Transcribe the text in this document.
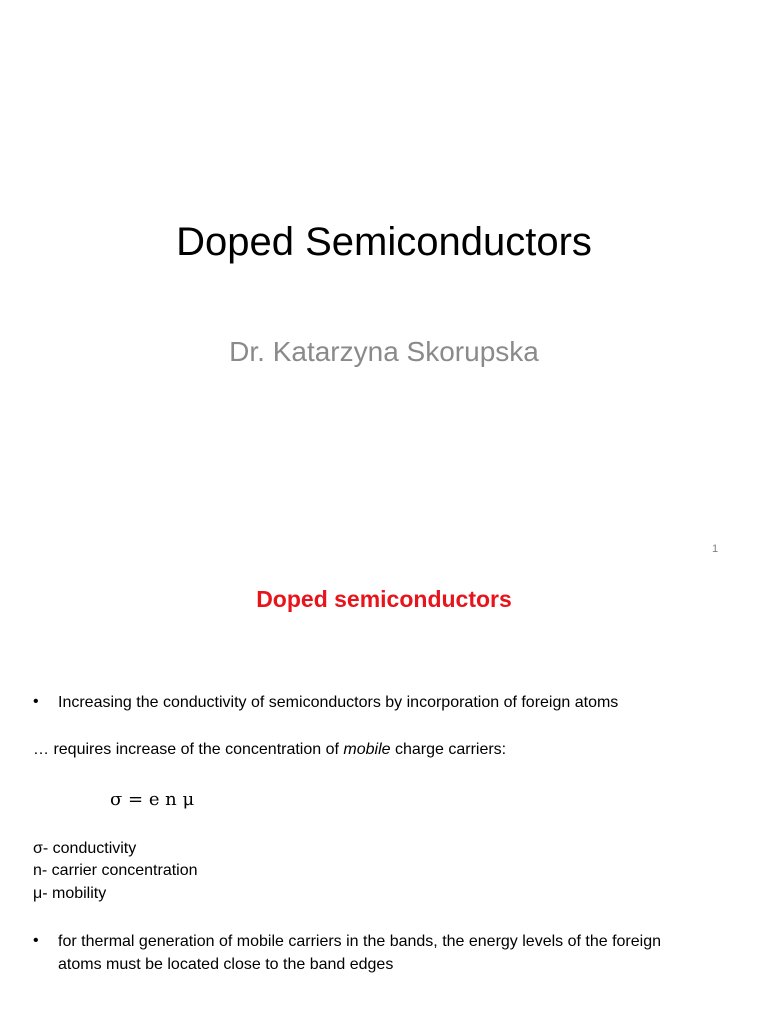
Doped Semiconductors
Dr. Katarzyna Skorupska
1
Doped semiconductors
• Increasing the conductivity of semiconductors by incorporation of foreign atoms
… requires increase of the concentration of mobile charge carriers:
σ = e n μ
σ- conductivity
n- carrier concentration
μ- mobility
• for thermal generation of mobile carriers in the bands, the energy levels of the foreign atoms must be located close to the band edges
